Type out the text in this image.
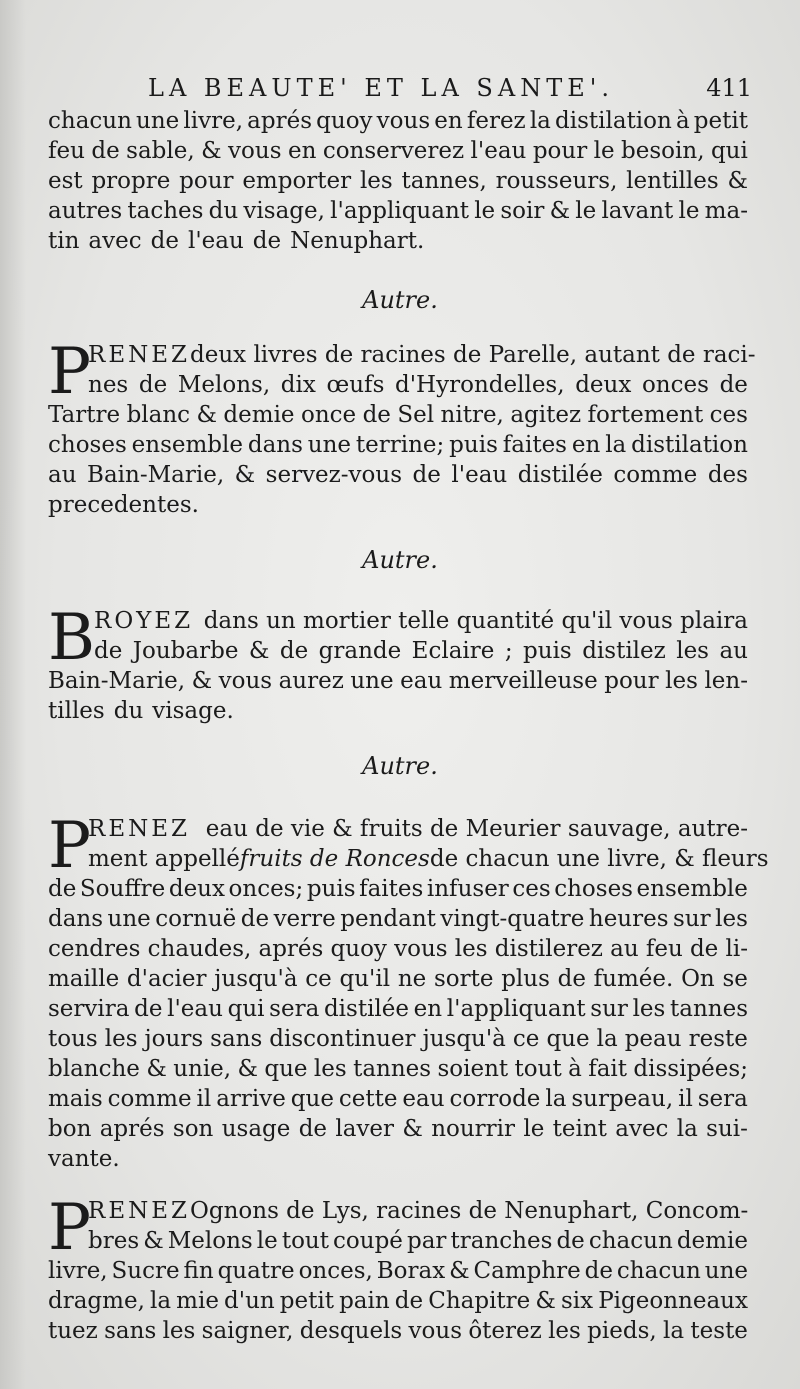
LA BEAUTE' ET LA SANTE'.	411
chacun une livre, aprés quoy vous en ferez la distilation à petit
feu de sable, & vous en conserverez l'eau pour le besoin, qui
est propre pour emporter les tannes, rousseurs, lentilles &
autres taches du visage, l'appliquant le soir & le lavant le ma-
tin avec de l'eau de Nenuphart.
Autre.
P
RENEZ deux livres de racines de Parelle, autant de raci-
nes de Melons, dix œufs d'Hyrondelles, deux onces de
Tartre blanc & demie once de Sel nitre, agitez fortement ces
choses ensemble dans une terrine; puis faites en la distilation
au Bain-Marie, & servez-vous de l'eau distilée comme des
precedentes.
Autre.
B
ROYEZ dans un mortier telle quantité qu'il vous plaira
de Joubarbe & de grande Eclaire ; puis distilez les au
Bain-Marie, & vous aurez une eau merveilleuse pour les len-
tilles du visage.
Autre.
P
RENEZ eau de vie & fruits de Meurier sauvage, autre-
ment appellé fruits de Ronces de chacun une livre, & fleurs
de Souffre deux onces; puis faites infuser ces choses ensemble
dans une cornuë de verre pendant vingt-quatre heures sur les
cendres chaudes, aprés quoy vous les distilerez au feu de li-
maille d'acier jusqu'à ce qu'il ne sorte plus de fumée. On se
servira de l'eau qui sera distilée en l'appliquant sur les tannes
tous les jours sans discontinuer jusqu'à ce que la peau reste
blanche & unie, & que les tannes soient tout à fait dissipées;
mais comme il arrive que cette eau corrode la surpeau, il sera
bon aprés son usage de laver & nourrir le teint avec la sui-
vante.
P
RENEZ Ognons de Lys, racines de Nenuphart, Concom-
bres & Melons le tout coupé par tranches de chacun demie
livre, Sucre fin quatre onces, Borax & Camphre de chacun une
dragme, la mie d'un petit pain de Chapitre & six Pigeonneaux
tuez sans les saigner, desquels vous ôterez les pieds, la teste
